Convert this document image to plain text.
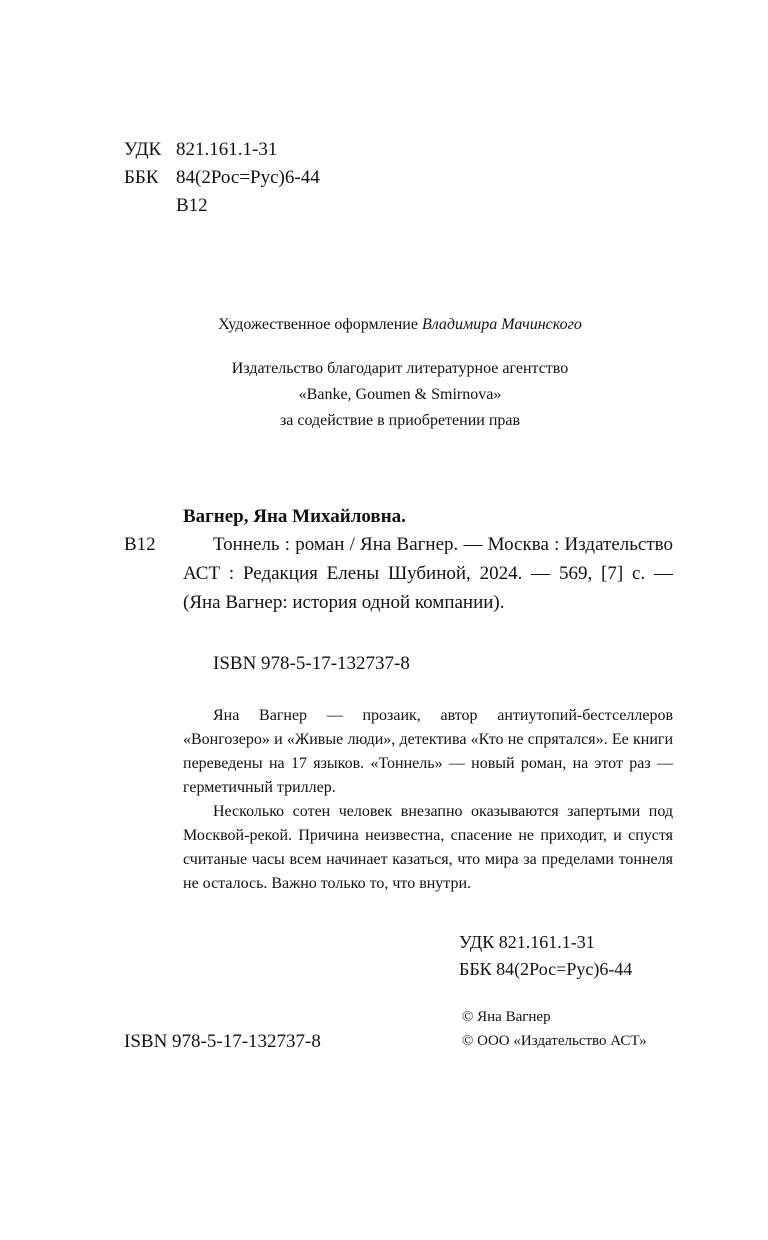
УДК 821.161.1-31
ББК 84(2Рос=Рус)6-44
В12
Художественное оформление Владимира Мачинского
Издательство благодарит литературное агентство
«Banke, Goumen & Smirnova»
за содействие в приобретении прав
Вагнер, Яна Михайловна.
В12	Тоннель : роман / Яна Вагнер. — Москва : Издательство АСТ : Редакция Елены Шубиной, 2024. — 569, [7] с. — (Яна Вагнер: история одной компании).

ISBN 978-5-17-132737-8

Яна Вагнер — прозаик, автор антиутопий-бестселлеров «Вонгозеро» и «Живые люди», детектива «Кто не спрятался». Ее книги переведены на 17 языков. «Тоннель» — новый роман, на этот раз — герметичный триллер.

Несколько сотен человек внезапно оказываются запертыми под Москвой-рекой. Причина неизвестна, спасение не приходит, и спустя считаные часы всем начинает казаться, что мира за пределами тоннеля не осталось. Важно только то, что внутри.

УДК 821.161.1-31
ББК 84(2Рос=Рус)6-44
© Яна Вагнер
ISBN 978-5-17-132737-8	© ООО «Издательство АСТ»
